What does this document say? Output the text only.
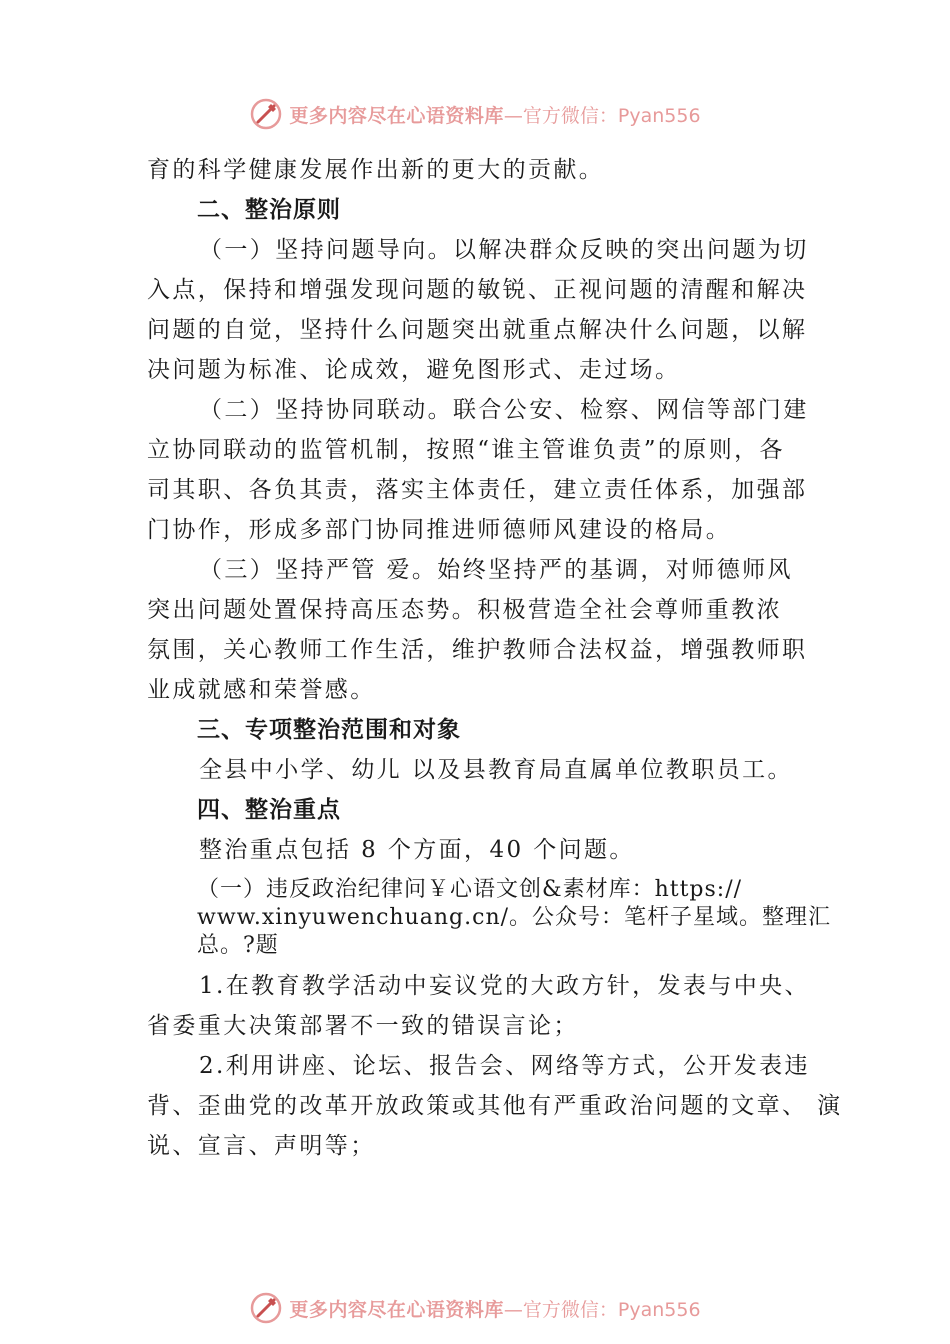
更多内容尽在心语资料库 —官方微信：Pyan556
育的科学健康发展作出新的更大的贡献。
二、整治原则
（一）坚持问题导向。以解决群众反映的突出问题为切
入点，保持和增强发现问题的敏锐、正视问题的清醒和解决
问题的自觉，坚持什么问题突出就重点解决什么问题，以解
决问题为标准、论成效，避免图形式、走过场。
（二）坚持协同联动。联合公安、检察、网信等部门建
立协同联动的监管机制，按照“谁主管谁负责”的原则，各
司其职、各负其责，落实主体责任，建立责任体系，加强部
门协作，形成多部门协同推进师德师风建设的格局。
（三）坚持严管 爱。始终坚持严的基调，对师德师风
突出问题处置保持高压态势。积极营造全社会尊师重教浓
氛围，关心教师工作生活，维护教师合法权益，增强教师职
业成就感和荣誉感。
三、专项整治范围和对象
全县中小学、幼儿 以及县教育局直属单位教职员工。
四、整治重点
整治重点包括 8 个方面，40 个问题。
（一）违反政治纪律问￥心语文创&素材库：https:// www.xinyuwenchuang.cn/。公众号：笔杆子星域。整理汇总。?题
1.在教育教学活动中妄议党的大政方针，发表与中央、
省委重大决策部署不一致的错误言论；
2.利用讲座、论坛、报告会、网络等方式，公开发表违
背、歪曲党的改革开放政策或其他有严重政治问题的文章、 演
说、宣言、声明等；
更多内容尽在心语资料库 —官方微信：Pyan556
